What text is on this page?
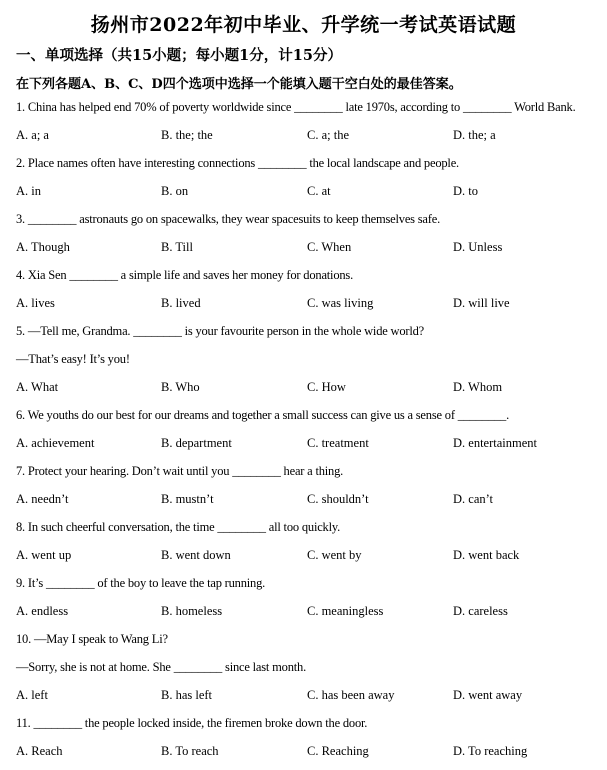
扬州市2022年初中毕业、升学统一考试英语试题
一、单项选择（共15小题；每小题1分，计15分）
在下列各题A、B、C、D四个选项中选择一个能填入题干空白处的最佳答案。
1. China has helped end 70% of poverty worldwide since ________ late 1970s, according to ________ World Bank.
A. a; a	B. the; the	C. a; the	D. the; a
2. Place names often have interesting connections ________ the local landscape and people.
A. in	B. on	C. at	D. to
3. ________ astronauts go on spacewalks, they wear spacesuits to keep themselves safe.
A. Though	B. Till	C. When	D. Unless
4. Xia Sen ________ a simple life and saves her money for donations.
A. lives	B. lived	C. was living	D. will live
5. —Tell me, Grandma. ________ is your favourite person in the whole wide world?
—That’s easy! It’s you!
A. What	B. Who	C. How	D. Whom
6. We youths do our best for our dreams and together a small success can give us a sense of ________.
A. achievement	B. department	C. treatment	D. entertainment
7. Protect your hearing. Don’t wait until you ________ hear a thing.
A. needn’t	B. mustn’t	C. shouldn’t	D. can’t
8. In such cheerful conversation, the time ________ all too quickly.
A. went up	B. went down	C. went by	D. went back
9. It’s ________ of the boy to leave the tap running.
A. endless	B. homeless	C. meaningless	D. careless
10. —May I speak to Wang Li?
—Sorry, she is not at home. She ________ since last month.
A. left	B. has left	C. has been away	D. went away
11. ________ the people locked inside, the firemen broke down the door.
A. Reach	B. To reach	C. Reaching	D. To reaching
